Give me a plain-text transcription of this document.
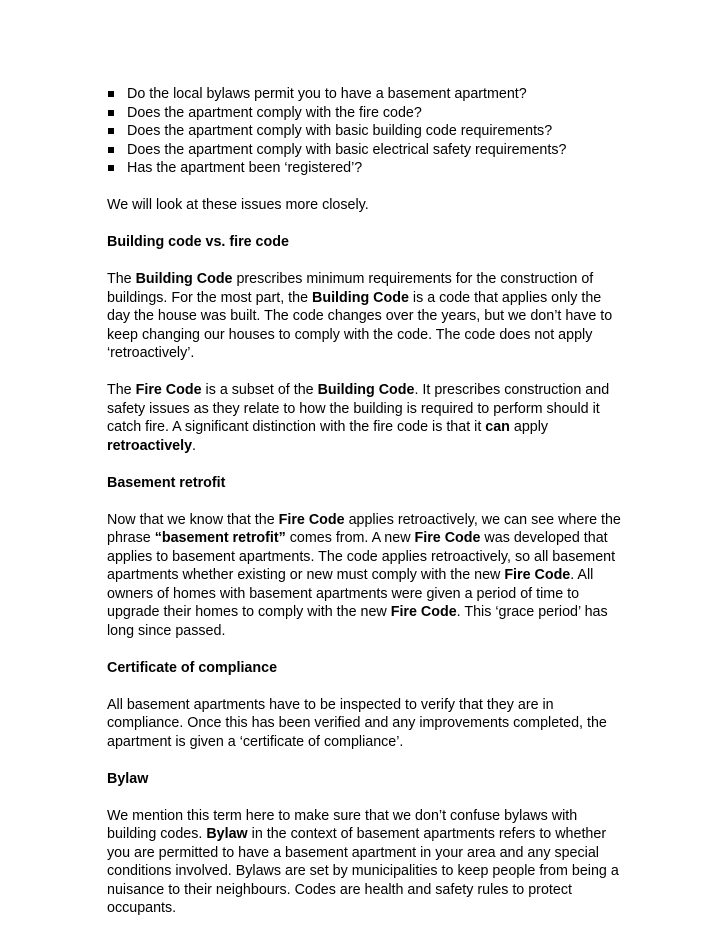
Do the local bylaws permit you to have a basement apartment?
Does the apartment comply with the fire code?
Does the apartment comply with basic building code requirements?
Does the apartment comply with basic electrical safety requirements?
Has the apartment been ‘registered’?

We will look at these issues more closely.

Building code vs. fire code

The Building Code prescribes minimum requirements for the construction of buildings. For the most part, the Building Code is a code that applies only the day the house was built. The code changes over the years, but we don’t have to keep changing our houses to comply with the code. The code does not apply ‘retroactively’.

The Fire Code is a subset of the Building Code. It prescribes construction and safety issues as they relate to how the building is required to perform should it catch fire. A significant distinction with the fire code is that it can apply retroactively.

Basement retrofit

Now that we know that the Fire Code applies retroactively, we can see where the phrase “basement retrofit” comes from. A new Fire Code was developed that applies to basement apartments. The code applies retroactively, so all basement apartments whether existing or new must comply with the new Fire Code. All owners of homes with basement apartments were given a period of time to upgrade their homes to comply with the new Fire Code. This ‘grace period’ has long since passed.

Certificate of compliance

All basement apartments have to be inspected to verify that they are in compliance. Once this has been verified and any improvements completed, the apartment is given a ‘certificate of compliance’.

Bylaw

We mention this term here to make sure that we don’t confuse bylaws with building codes. Bylaw in the context of basement apartments refers to whether you are permitted to have a basement apartment in your area and any special conditions involved. Bylaws are set by municipalities to keep people from being a nuisance to their neighbours. Codes are health and safety rules to protect occupants.
